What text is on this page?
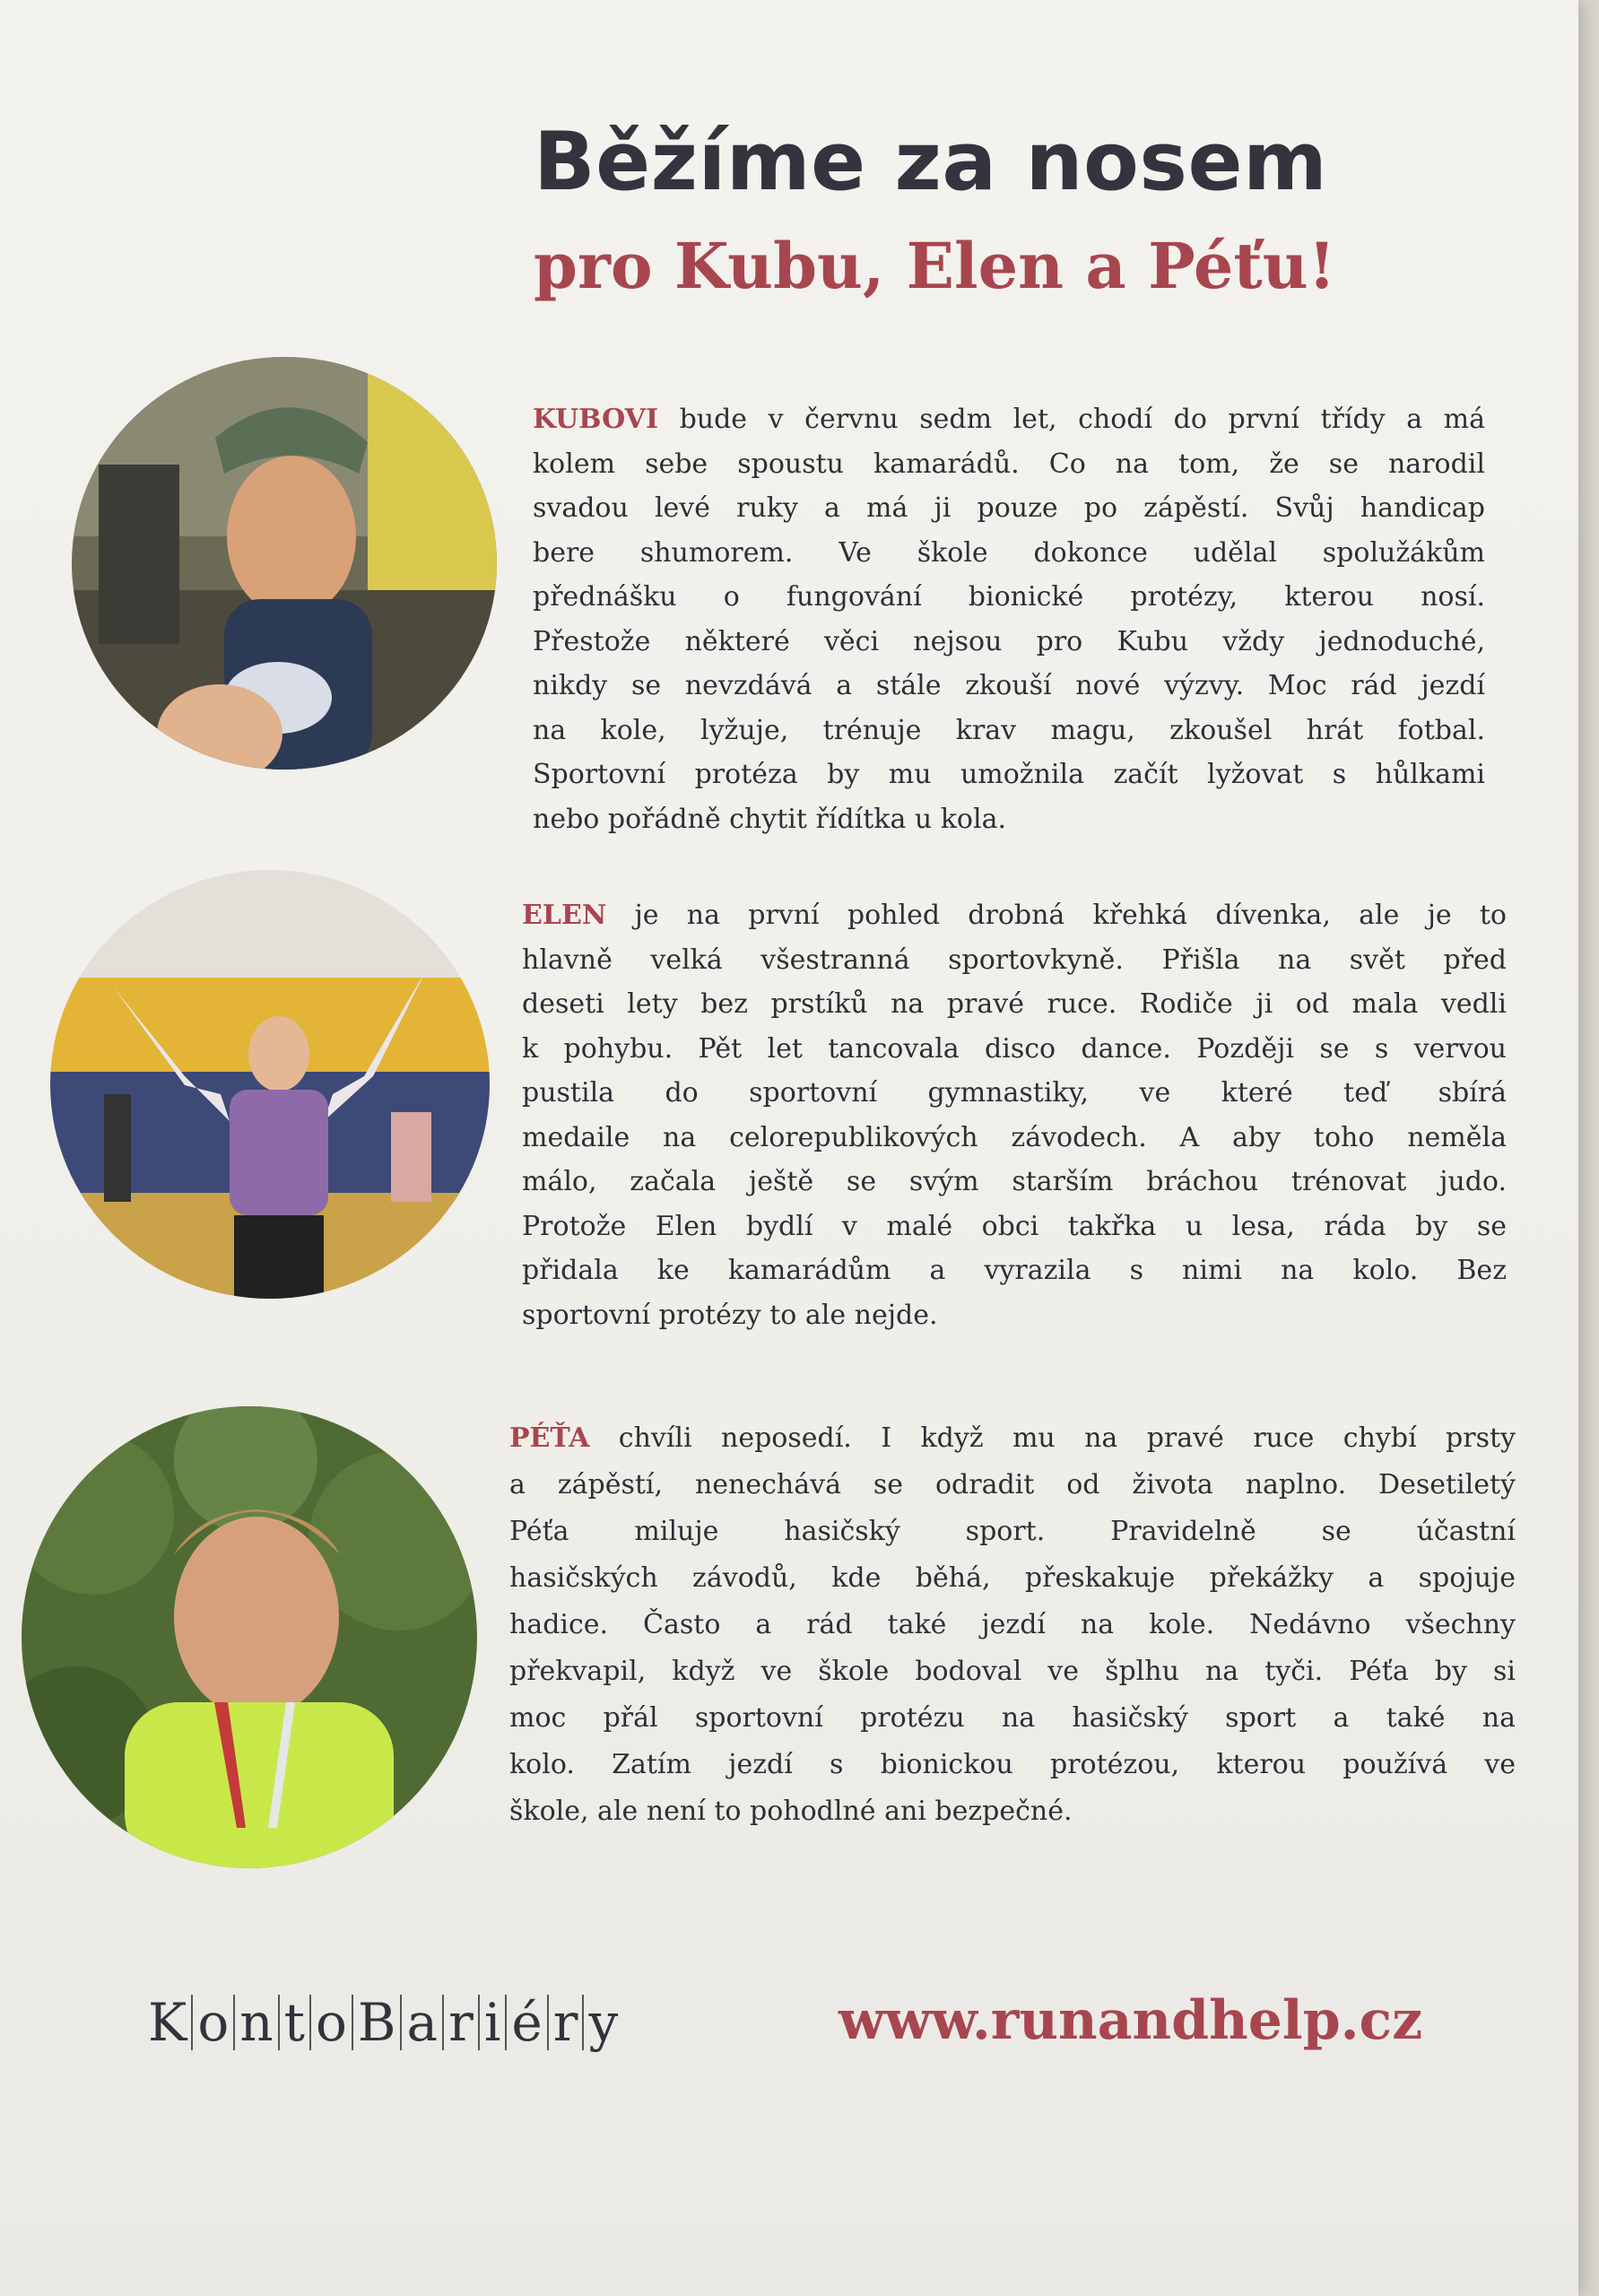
Běžíme za nosem
pro Kubu, Elen a Péťu!
KUBOVI bude v červnu sedm let, chodí do první třídy a má
kolem sebe spoustu kamarádů. Co na tom, že se narodil
svadou levé ruky a má ji pouze po zápěstí. Svůj handicap
bere shumorem. Ve škole dokonce udělal spolužákům
přednášku o fungování bionické protézy, kterou nosí.
Přestože některé věci nejsou pro Kubu vždy jednoduché,
nikdy se nevzdává a stále zkouší nové výzvy. Moc rád jezdí
na kole, lyžuje, trénuje krav magu, zkoušel hrát fotbal.
Sportovní protéza by mu umožnila začít lyžovat s hůlkami
nebo pořádně chytit řídítka u kola.
ELEN je na první pohled drobná křehká dívenka, ale je to
hlavně velká všestranná sportovkyně. Přišla na svět před
deseti lety bez prstíků na pravé ruce. Rodiče ji od mala vedli
k pohybu. Pět let tancovala disco dance. Později se s vervou
pustila do sportovní gymnastiky, ve které teď sbírá
medaile na celorepublikových závodech. A aby toho neměla
málo, začala ještě se svým starším bráchou trénovat judo.
Protože Elen bydlí v malé obci takřka u lesa, ráda by se
přidala ke kamarádům a vyrazila s nimi na kolo. Bez
sportovní protézy to ale nejde.
PÉŤA chvíli neposedí. I když mu na pravé ruce chybí prsty
a zápěstí, nenechává se odradit od života naplno. Desetiletý
Péťa miluje hasičský sport. Pravidelně se účastní
hasičských závodů, kde běhá, přeskakuje překážky a spojuje
hadice. Často a rád také jezdí na kole. Nedávno všechny
překvapil, když ve škole bodoval ve šplhu na tyči. Péťa by si
moc přál sportovní protézu na hasičský sport a také na
kolo. Zatím jezdí s bionickou protézou, kterou používá ve
škole, ale není to pohodlné ani bezpečné.
K o n t o B a r i é r y	www.runandhelp.cz
